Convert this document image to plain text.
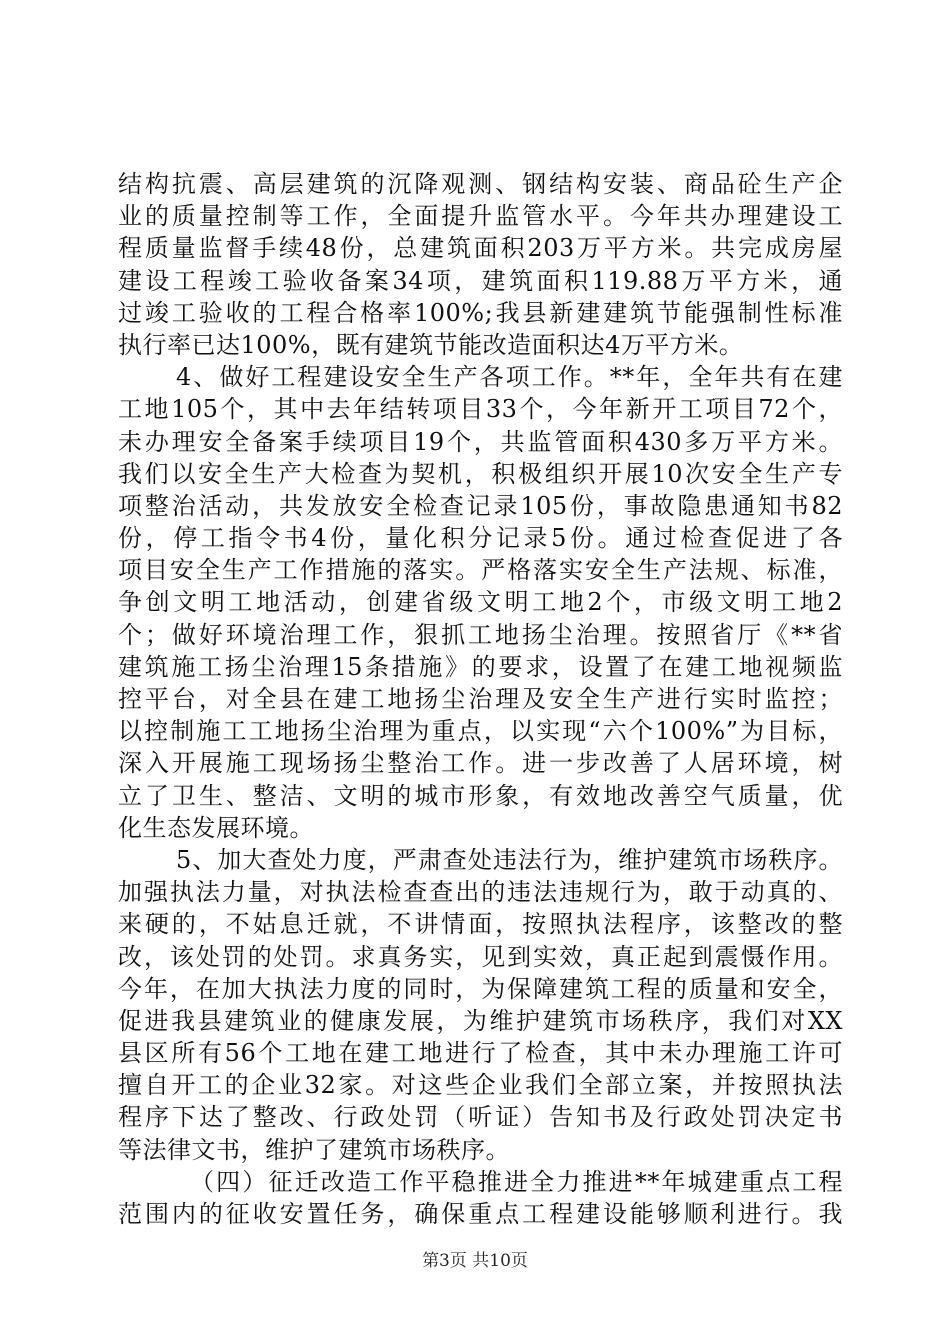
结构抗震、高层建筑的沉降观测、钢结构安装、商品砼生产企
业的质量控制等工作，全面提升监管水平。今年共办理建设工
程质量监督手续48份，总建筑面积203万平方米。共完成房屋
建设工程竣工验收备案34项，建筑面积119.88万平方米，通
过竣工验收的工程合格率100%;我县新建建筑节能强制性标准
执行率已达100%，既有建筑节能改造面积达4万平方米。
4、做好工程建设安全生产各项工作。**年，全年共有在建
工地105个，其中去年结转项目33个，今年新开工项目72个，
未办理安全备案手续项目19个，共监管面积430多万平方米。
我们以安全生产大检查为契机，积极组织开展10次安全生产专
项整治活动，共发放安全检查记录105份，事故隐患通知书82
份，停工指令书4份，量化积分记录5份。通过检查促进了各
项目安全生产工作措施的落实。严格落实安全生产法规、标准，
争创文明工地活动，创建省级文明工地2个，市级文明工地2
个；做好环境治理工作，狠抓工地扬尘治理。按照省厅《**省
建筑施工扬尘治理15条措施》的要求，设置了在建工地视频监
控平台，对全县在建工地扬尘治理及安全生产进行实时监控；
以控制施工工地扬尘治理为重点，以实现“六个100%”为目标，
深入开展施工现场扬尘整治工作。进一步改善了人居环境，树
立了卫生、整洁、文明的城市形象，有效地改善空气质量，优
化生态发展环境。
5、加大查处力度，严肃查处违法行为，维护建筑市场秩序。
加强执法力量，对执法检查查出的违法违规行为，敢于动真的、
来硬的，不姑息迁就，不讲情面，按照执法程序，该整改的整
改，该处罚的处罚。求真务实，见到实效，真正起到震慑作用。
今年，在加大执法力度的同时，为保障建筑工程的质量和安全，
促进我县建筑业的健康发展，为维护建筑市场秩序，我们对XX
县区所有56个工地在建工地进行了检查，其中未办理施工许可
擅自开工的企业32家。对这些企业我们全部立案，并按照执法
程序下达了整改、行政处罚（听证）告知书及行政处罚决定书
等法律文书，维护了建筑市场秩序。
（四）征迁改造工作平稳推进全力推进**年城建重点工程
范围内的征收安置任务，确保重点工程建设能够顺利进行。我
第3页 共10页
